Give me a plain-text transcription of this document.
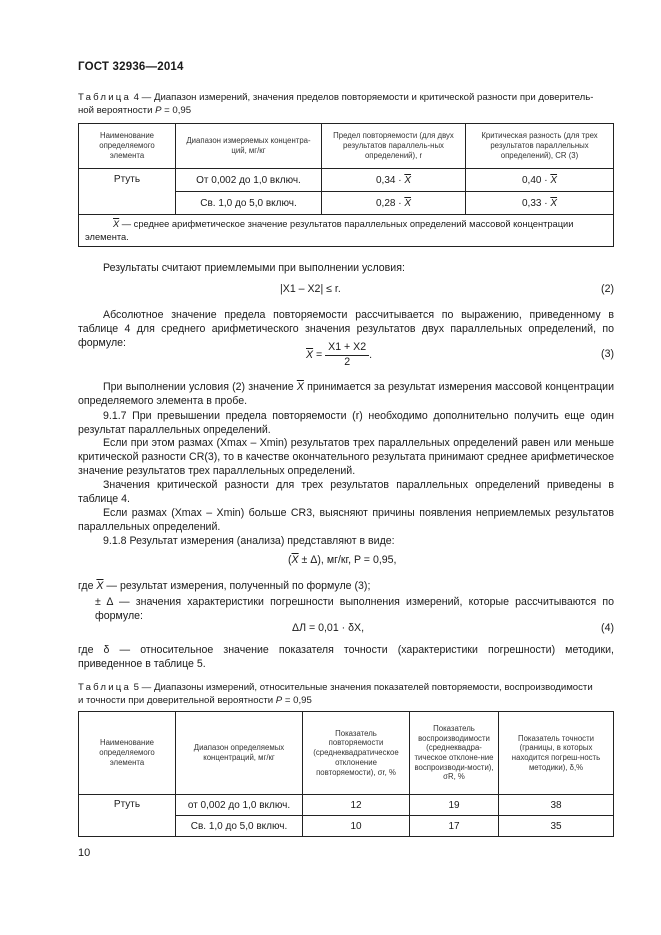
ГОСТ 32936—2014
Таблица 4 — Диапазон измерений, значения пределов повторяемости и критической разности при доверитель-
ной вероятности P = 0,95
Наименование определяемого элемента	Диапазон измеряемых концентра-ций, мг/кг	Предел повторяемости (для двух результатов параллель-ных определений), r	Критическая разность (для трех результатов параллельных определений), CR (3)
Ртуть	От 0,002 до 1,0 включ.	$0,34 \cdot \overline{X}$	$0,40 \cdot \overline{X}$
	Св. 1,0 до 5,0 включ.	$0,28 \cdot \overline{X}$	$0,33 \cdot \overline{X}$
$\overline{X}$ — среднее арифметическое значение результатов параллельных определений массовой концентрации элемента.			
Результаты считают приемлемыми при выполнении условия:
|X1 – X2| ≤ r.	(2)
Абсолютное значение предела повторяемости рассчитывается по выражению, приведенному в таблице 4 для среднего арифметического значения результатов двух параллельных определений, по формуле:
$\overline{X} = \frac{X1 + X2}{2}$ .	(3)
При выполнении условия (2) значение $\overline{X}$ принимается за результат измерения массовой концентрации определяемого элемента в пробе.
9.1.7 При превышении предела повторяемости (r) необходимо дополнительно получить еще один результат параллельных определений.
Если при этом размах (Xmax – Xmin) результатов трех параллельных определений равен или меньше критической разности CR(3), то в качестве окончательного результата принимают среднее арифметическое значение результатов трех параллельных определений.
Значения критической разности для трех результатов параллельных определений приведены в таблице 4.
Если размах (Xmax – Xmin) больше CR3, выясняют причины появления неприемлемых результатов параллельных определений.
9.1.8 Результат измерения (анализа) представляют в виде:
$(\overline{X} \pm \Delta)$, мг/кг, P = 0,95,
где $\overline{X}$ — результат измерения, полученный по формуле (3);
± Δ — значения характеристики погрешности выполнения измерений, которые рассчитываются по формуле:
ΔЛ = 0,01 · δX,	(4)
где δ — относительное значение показателя точности (характеристики погрешности) методики, приведенное в таблице 5.
Таблица 5 — Диапазоны измерений, относительные значения показателей повторяемости, воспроизводимости
и точности при доверительной вероятности P = 0,95
Наименование определяемого элемента	Диапазон определяемых концентраций, мг/кг	Показатель повторяемости (среднеквадратическое отклонение повторяемости), σr, %	Показатель воспроизводимости (среднеквадра-тическое отклоне-ние воспроизводи-мости), σR, %	Показатель точности (границы, в которых находится погреш-ность методики), δ,%
Ртуть	от 0,002 до 1,0 включ.	12	19	38
	Св. 1,0 до 5,0 включ.	10	17	35
10
